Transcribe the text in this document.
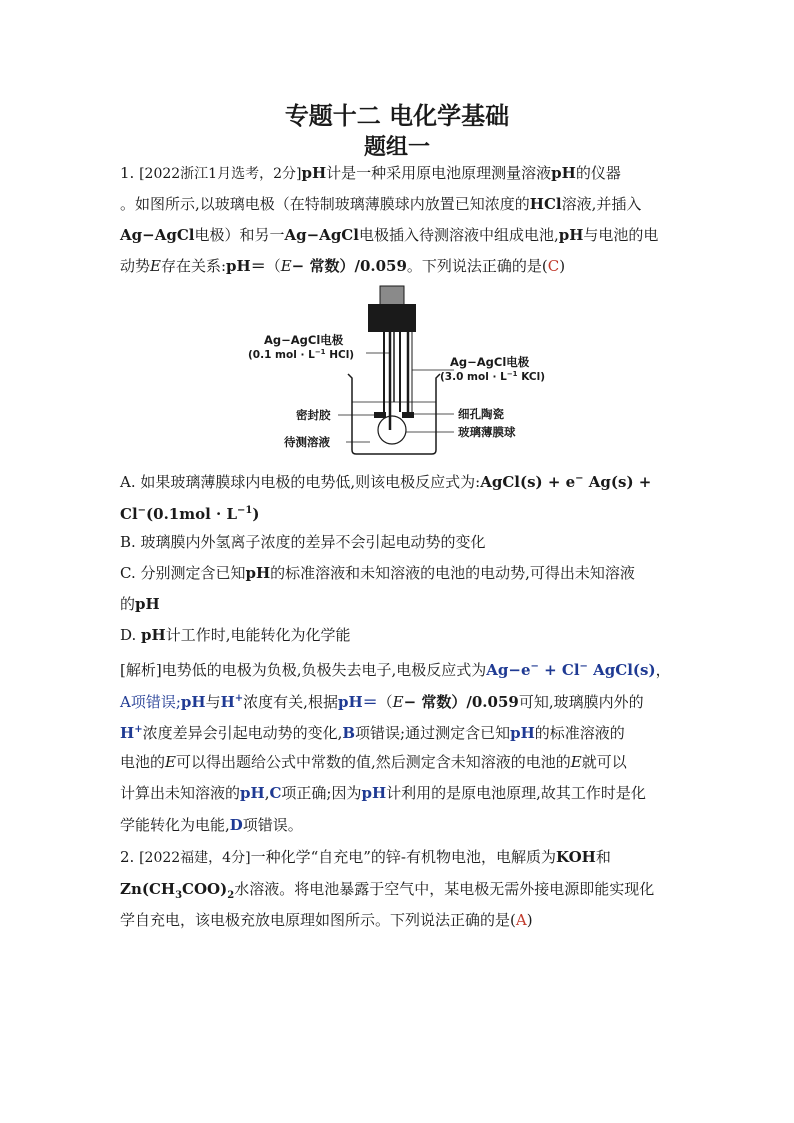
专题十二 电化学基础
题组一
1. [2022浙江1月选考，2分]pH计是一种采用原电池原理测量溶液pH的仪器
。如图所示,以玻璃电极（在特制玻璃薄膜球内放置已知浓度的HCl溶液,并插入
Ag−AgCl电极）和另一Ag−AgCl电极插入待测溶液中组成电池,pH与电池的电
动势E存在关系:pH＝（E− 常数）/0.059。下列说法正确的是(C)
Ag−AgCl电极
(0.1 mol · $L^{-1}$ HCl)	Ag−AgCl电极
(3.0 mol · $L^{-1}$ KCl)
密封胶
待测溶液
细孔陶瓷
玻璃薄膜球
A. 如果玻璃薄膜球内电极的电势低,则该电极反应式为:AgCl(s) + e− Ag(s) +
$Cl^-(0.1mol \cdot L^{-1})$
B. 玻璃膜内外氢离子浓度的差异不会引起电动势的变化
C. 分别测定含已知pH的标准溶液和未知溶液的电池的电动势,可得出未知溶液
的pH
D. pH计工作时,电能转化为化学能
[解析]电势低的电极为负极,负极失去电子,电极反应式为Ag−e− + Cl− AgCl(s)，
A项错误;pH与H+浓度有关,根据pH＝（E− 常数）/0.059可知,玻璃膜内外的
H+浓度差异会引起电动势的变化,B项错误;通过测定含已知pH的标准溶液的
电池的E可以得出题给公式中常数的值,然后测定含未知溶液的电池的E就可以
计算出未知溶液的pH,C项正确;因为pH计利用的是原电池原理,故其工作时是化
学能转化为电能,D项错误。
2. [2022福建，4分]一种化学“自充电”的锌-有机物电池，电解质为KOH和
$Zn(CH_3COO)_2$水溶液。将电池暴露于空气中，某电极无需外接电源即能实现化
学自充电，该电极充放电原理如图所示。下列说法正确的是(A)
